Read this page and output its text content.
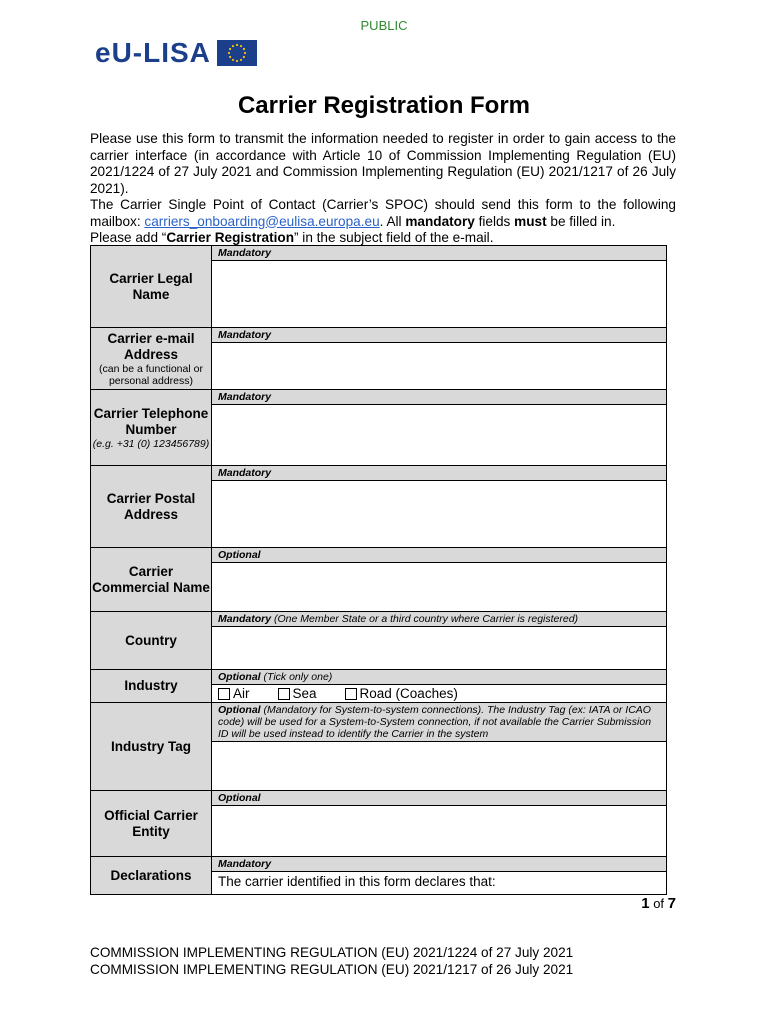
PUBLIC
eU-LISA
Carrier Registration Form

Please use this form to transmit the information needed to register in order to gain access to the carrier interface (in accordance with Article 10 of Commission Implementing Regulation (EU) 2021/1224 of 27 July 2021 and Commission Implementing Regulation (EU) 2021/1217 of 26 July 2021).

The Carrier Single Point of Contact (Carrier’s SPOC) should send this form to the following mailbox: carriers_onboarding@eulisa.europa.eu. All mandatory fields must be filled in.

Please add “Carrier Registration” in the subject field of the e-mail.

Carrier Legal Name	Mandatory

Carrier e-mail Address
(can be a functional or personal address)	Mandatory

Carrier Telephone Number
(e.g. +31 (0) 123456789)	Mandatory

Carrier Postal Address	Mandatory

Carrier Commercial Name	Optional

Country	Mandatory (One Member State or a third country where Carrier is registered)

Industry	Optional (Tick only one)
Air Sea Road (Coaches)

Industry Tag	Optional (Mandatory for System-to-system connections). The Industry Tag (ex: IATA or ICAO code) will be used for a System-to-System connection, if not available the Carrier Submission ID will be used instead to identify the Carrier in the system

Official Carrier Entity	Optional

Declarations	Mandatory
The carrier identified in this form declares that:
1 of 7
COMMISSION IMPLEMENTING REGULATION (EU) 2021/1224 of 27 July 2021
COMMISSION IMPLEMENTING REGULATION (EU) 2021/1217 of 26 July 2021
